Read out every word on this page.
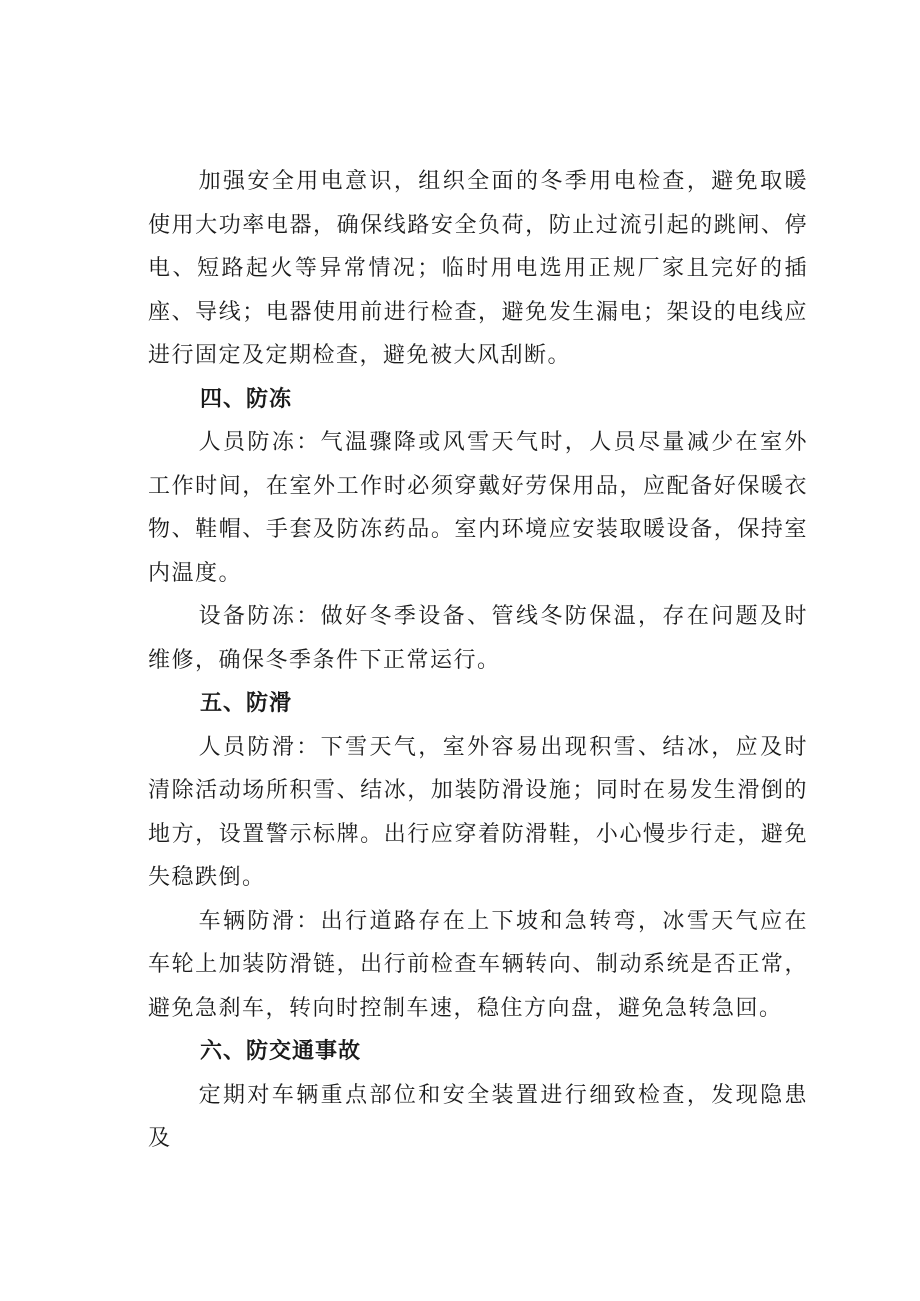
加强安全用电意识，组织全面的冬季用电检查，避免取暖使用大功率电器，确保线路安全负荷，防止过流引起的跳闸、停电、短路起火等异常情况；临时用电选用正规厂家且完好的插座、导线；电器使用前进行检查，避免发生漏电；架设的电线应进行固定及定期检查，避免被大风刮断。

四、防冻

人员防冻：气温骤降或风雪天气时，人员尽量减少在室外工作时间，在室外工作时必须穿戴好劳保用品，应配备好保暖衣物、鞋帽、手套及防冻药品。室内环境应安装取暖设备，保持室内温度。

设备防冻：做好冬季设备、管线冬防保温，存在问题及时维修，确保冬季条件下正常运行。

五、防滑

人员防滑：下雪天气，室外容易出现积雪、结冰，应及时清除活动场所积雪、结冰，加装防滑设施；同时在易发生滑倒的地方，设置警示标牌。出行应穿着防滑鞋，小心慢步行走，避免失稳跌倒。

车辆防滑：出行道路存在上下坡和急转弯，冰雪天气应在车轮上加装防滑链，出行前检查车辆转向、制动系统是否正常，避免急刹车，转向时控制车速，稳住方向盘，避免急转急回。

六、防交通事故

定期对车辆重点部位和安全装置进行细致检查，发现隐患及
